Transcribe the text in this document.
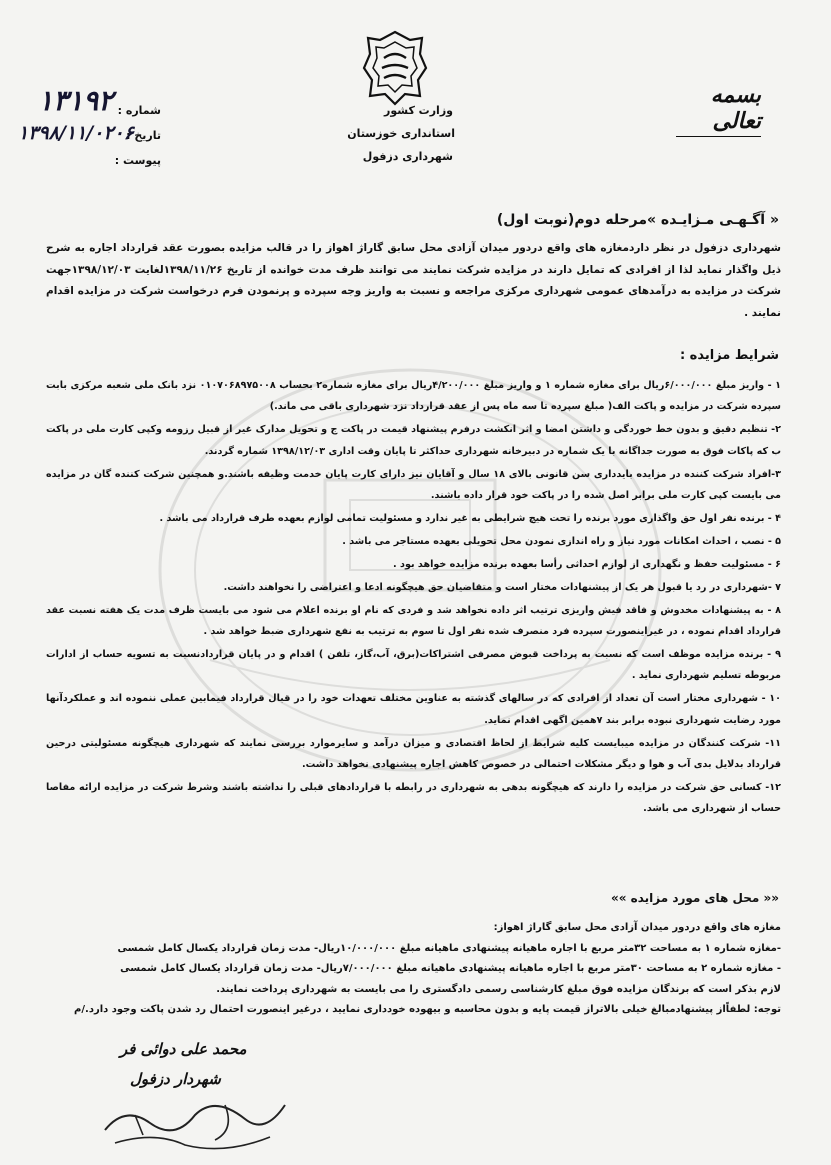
وزارت کشور
استانداری خوزستان
شهرداری دزفول
بسمه تعالی
شماره :
۱۳۱۹۲
تاریخ :
۱۳۹۸/۱۱/۰۲۰۶
پیوست :
« آگـهـی مـزایـده »مرحله دوم(نوبت اول)
شهرداری دزفول در نظر داردمغازه های واقع دردور میدان آزادی محل سابق گاراژ اهواز را در قالب مزایده بصورت عقد قرارداد اجاره به شرح ذیل واگذار نماید لذا از افرادی که تمایل دارند در مزایده شرکت نمایند می توانند ظرف مدت خوانده از تاریخ ۱۳۹۸/۱۱/۲۶لغایت ۱۳۹۸/۱۲/۰۳جهت شرکت در مزایده به درآمدهای عمومی شهرداری مرکزی مراجعه و نسبت به واریز وجه سپرده و پرنمودن فرم درخواست شرکت در مزایده اقدام نمایند .
شرایط مزایده :

۱ - واریز مبلغ ۶/۰۰۰/۰۰۰ریال برای مغازه شماره ۱ و واریز مبلغ ۴/۲۰۰/۰۰۰ریال برای مغازه شماره۲ بحساب ۰۱۰۷۰۶۸۹۷۵۰۰۸ نزد بانک ملی شعبه مرکزی بابت سپرده شرکت در مزایده و پاکت الف( مبلغ سپرده تا سه ماه پس از عقد قرارداد نزد شهرداری باقی می ماند.)

۲- تنظیم دقیق و بدون خط خوردگی و داشتن امضا و اثر انکشت درفرم پیشنهاد قیمت در پاکت ج و تحویل مدارک غیر از قبیل رزومه وکپی کارت ملی در پاکت ب که پاکات فوق به صورت جداگانه با یک شماره در دبیرخانه شهرداری حداکثر تا پایان وقت اداری ۱۳۹۸/۱۲/۰۳ شماره گردند.

۳-افراد شرکت کننده در مزایده بایدداری سن قانونی بالای ۱۸ سال و آقایان نیز دارای کارت پایان خدمت وظیفه باشند.و همچنین شرکت کننده گان در مزایده می بایست کپی کارت ملی برابر اصل شده را در پاکت خود قرار داده باشند.

۴ - برنده نفر اول حق واگذاری مورد برنده را تحت هیچ شرایطی به غیر ندارد و مسئولیت تمامی لوازم بعهده طرف قرارداد می باشد .

۵ - نصب ، احداث امکانات مورد نیاز و راه اندازی نمودن محل تحویلی بعهده مستاجر می باشد .

۶ - مسئولیت حفظ و نگهداری از لوازم احداثی رأسا بعهده برنده مزایده خواهد بود .

۷ -شهرداری در رد یا قبول هر یک از پیشنهادات مختار است و متقاضیان حق هیچگونه ادعا و اعتراضی را نخواهند داشت.

۸ - به پیشنهادات مخدوش و فاقد فیش واریزی ترتیب اثر داده نخواهد شد و فردی که نام او برنده اعلام می شود می بایست ظرف مدت یک هفته نسبت عقد قرارداد اقدام نموده ، در غیراینصورت سپرده فرد منصرف شده نفر اول تا سوم به ترتیب به نفع شهرداری ضبط خواهد شد .

۹ - برنده مزایده موظف است که نسبت به پرداخت قبوض مصرفی اشتراکات(برق، آب،گاز، تلفن ) اقدام و در پایان قراردادنسبت به تسویه حساب از ادارات مربوطه تسلیم شهرداری نماید .

۱۰ - شهرداری مختار است آن تعداد از افرادی که در سالهای گذشته به عناوین مختلف تعهدات خود را در قبال قرارداد فیمابین عملی ننموده اند و عملکردآنها مورد رضایت شهرداری نبوده برابر بند ۷همین اگهی اقدام نماید.

۱۱- شرکت کنندگان در مزایده میبایست کلیه شرایط از لحاظ اقتصادی و میزان درآمد و سایرموارد بررسی نمایند که شهرداری هیچگونه مسئولیتی درحین قرارداد بدلایل بدی آب و هوا و دیگر مشکلات احتمالی در خصوص کاهش اجاره پیشنهادی نخواهد داشت.

۱۲- کسانی حق شرکت در مزایده را دارند که هیچگونه بدهی به شهرداری در رابطه با قراردادهای قبلی را نداشته باشند وشرط شرکت در مزایده ارائه مفاصا حساب از شهرداری می باشد.

«« محل های مورد مزایده »»

مغازه های واقع دردور میدان آزادی محل سابق گاراژ اهواز:

-مغازه شماره ۱ به مساحت ۳۲متر مربع با اجاره ماهیانه پیشنهادی ماهیانه مبلغ ۱۰/۰۰۰/۰۰۰ریال- مدت زمان قرارداد یکسال کامل شمسی

- مغازه شماره ۲ به مساحت ۳۰متر مربع با اجاره ماهیانه پیشنهادی ماهیانه مبلغ ۷/۰۰۰/۰۰۰ریال- مدت زمان قرارداد یکسال کامل شمسی

لازم بذکر است که برندگان مزایده فوق مبلغ کارشناسی رسمی دادگستری را می بایست به شهرداری پرداخت نمایند.

توجه: لطفاًاز پیشنهادمبالغ خیلی بالاتراز قیمت پایه و بدون محاسبه و بیهوده خودداری نمایید ، درغیر اینصورت احتمال رد شدن پاکت وجود دارد./م

محمد علی دوائی فر
شهردار دزفول
